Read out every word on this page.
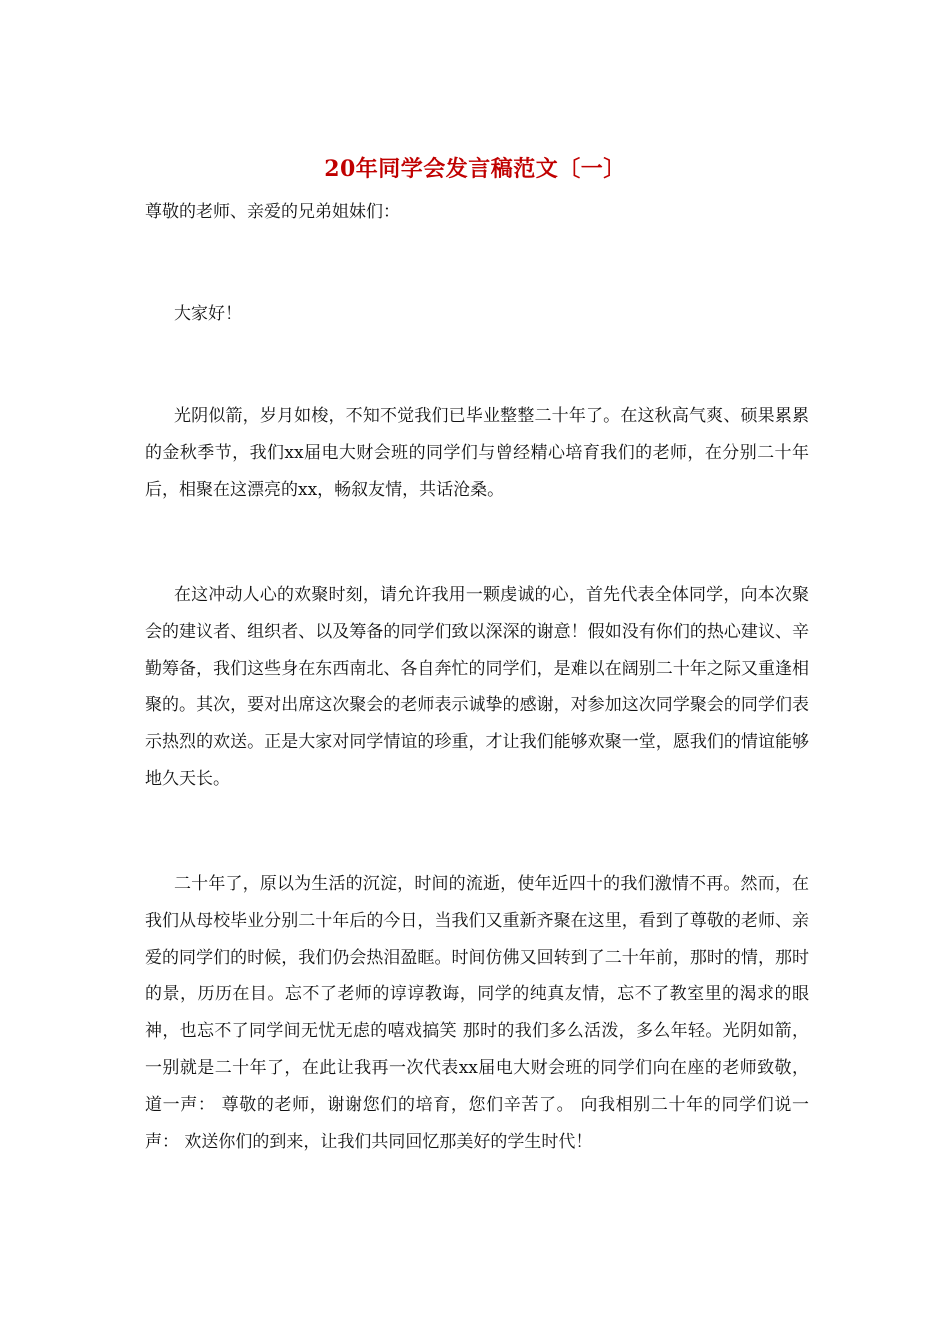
20年同学会发言稿范文〔一〕

尊敬的老师、亲爱的兄弟姐妹们：

大家好！

光阴似箭，岁月如梭，不知不觉我们已毕业整整二十年了。在这秋高气爽、硕果累累的金秋季节，我们xx届电大财会班的同学们与曾经精心培育我们的老师，在分别二十年后，相聚在这漂亮的xx，畅叙友情，共话沧桑。

在这冲动人心的欢聚时刻，请允许我用一颗虔诚的心，首先代表全体同学，向本次聚会的建议者、组织者、以及筹备的同学们致以深深的谢意！假如没有你们的热心建议、辛勤筹备，我们这些身在东西南北、各自奔忙的同学们，是难以在阔别二十年之际又重逢相聚的。其次，要对出席这次聚会的老师表示诚挚的感谢，对参加这次同学聚会的同学们表示热烈的欢送。正是大家对同学情谊的珍重，才让我们能够欢聚一堂，愿我们的情谊能够地久天长。

二十年了，原以为生活的沉淀，时间的流逝，使年近四十的我们激情不再。然而，在我们从母校毕业分别二十年后的今日，当我们又重新齐聚在这里，看到了尊敬的老师、亲爱的同学们的时候，我们仍会热泪盈眶。时间仿佛又回转到了二十年前，那时的情，那时的景，历历在目。忘不了老师的谆谆教诲，同学的纯真友情，忘不了教室里的渴求的眼神，也忘不了同学间无忧无虑的嘻戏搞笑 那时的我们多么活泼，多么年轻。光阴如箭，一别就是二十年了，在此让我再一次代表xx届电大财会班的同学们向在座的老师致敬，道一声： 尊敬的老师，谢谢您们的培育，您们辛苦了。 向我相别二十年的同学们说一声： 欢送你们的到来，让我们共同回忆那美好的学生时代！
